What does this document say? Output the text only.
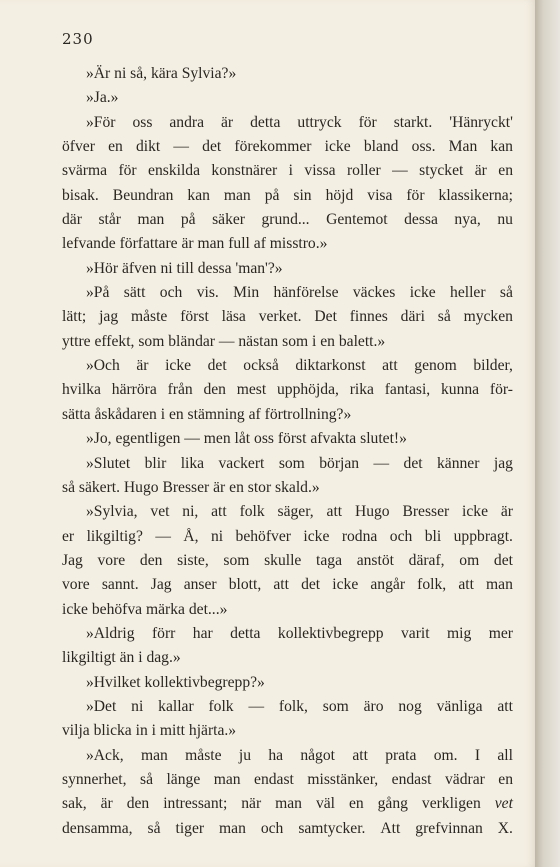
230
»Är ni så, kära Sylvia?»
»Ja.»
»För oss andra är detta uttryck för starkt. 'Hänryckt'
öfver en dikt — det förekommer icke bland oss. Man kan
svärma för enskilda konstnärer i vissa roller — stycket är en
bisak. Beundran kan man på sin höjd visa för klassikerna;
där står man på säker grund... Gentemot dessa nya, nu
lefvande författare är man full af misstro.»
»Hör äfven ni till dessa 'man'?»
»På sätt och vis. Min hänförelse väckes icke heller så
lätt; jag måste först läsa verket. Det finnes däri så mycken
yttre effekt, som bländar — nästan som i en balett.»
»Och är icke det också diktarkonst att genom bilder,
hvilka härröra från den mest upphöjda, rika fantasi, kunna för-
sätta åskådaren i en stämning af förtrollning?»
»Jo, egentligen — men låt oss först afvakta slutet!»
»Slutet blir lika vackert som början — det känner jag
så säkert. Hugo Bresser är en stor skald.»
»Sylvia, vet ni, att folk säger, att Hugo Bresser icke är
er likgiltig? — Å, ni behöfver icke rodna och bli uppbragt.
Jag vore den siste, som skulle taga anstöt däraf, om det
vore sannt. Jag anser blott, att det icke angår folk, att man
icke behöfva märka det...»
»Aldrig förr har detta kollektivbegrepp varit mig mer
likgiltigt än i dag.»
»Hvilket kollektivbegrepp?»
»Det ni kallar folk — folk, som äro nog vänliga att
vilja blicka in i mitt hjärta.»
»Ack, man måste ju ha något att prata om. I all
synnerhet, så länge man endast misstänker, endast vädrar en
sak, är den intressant; när man väl en gång verkligen vet
densamma, så tiger man och samtycker. Att grefvinnan X.
